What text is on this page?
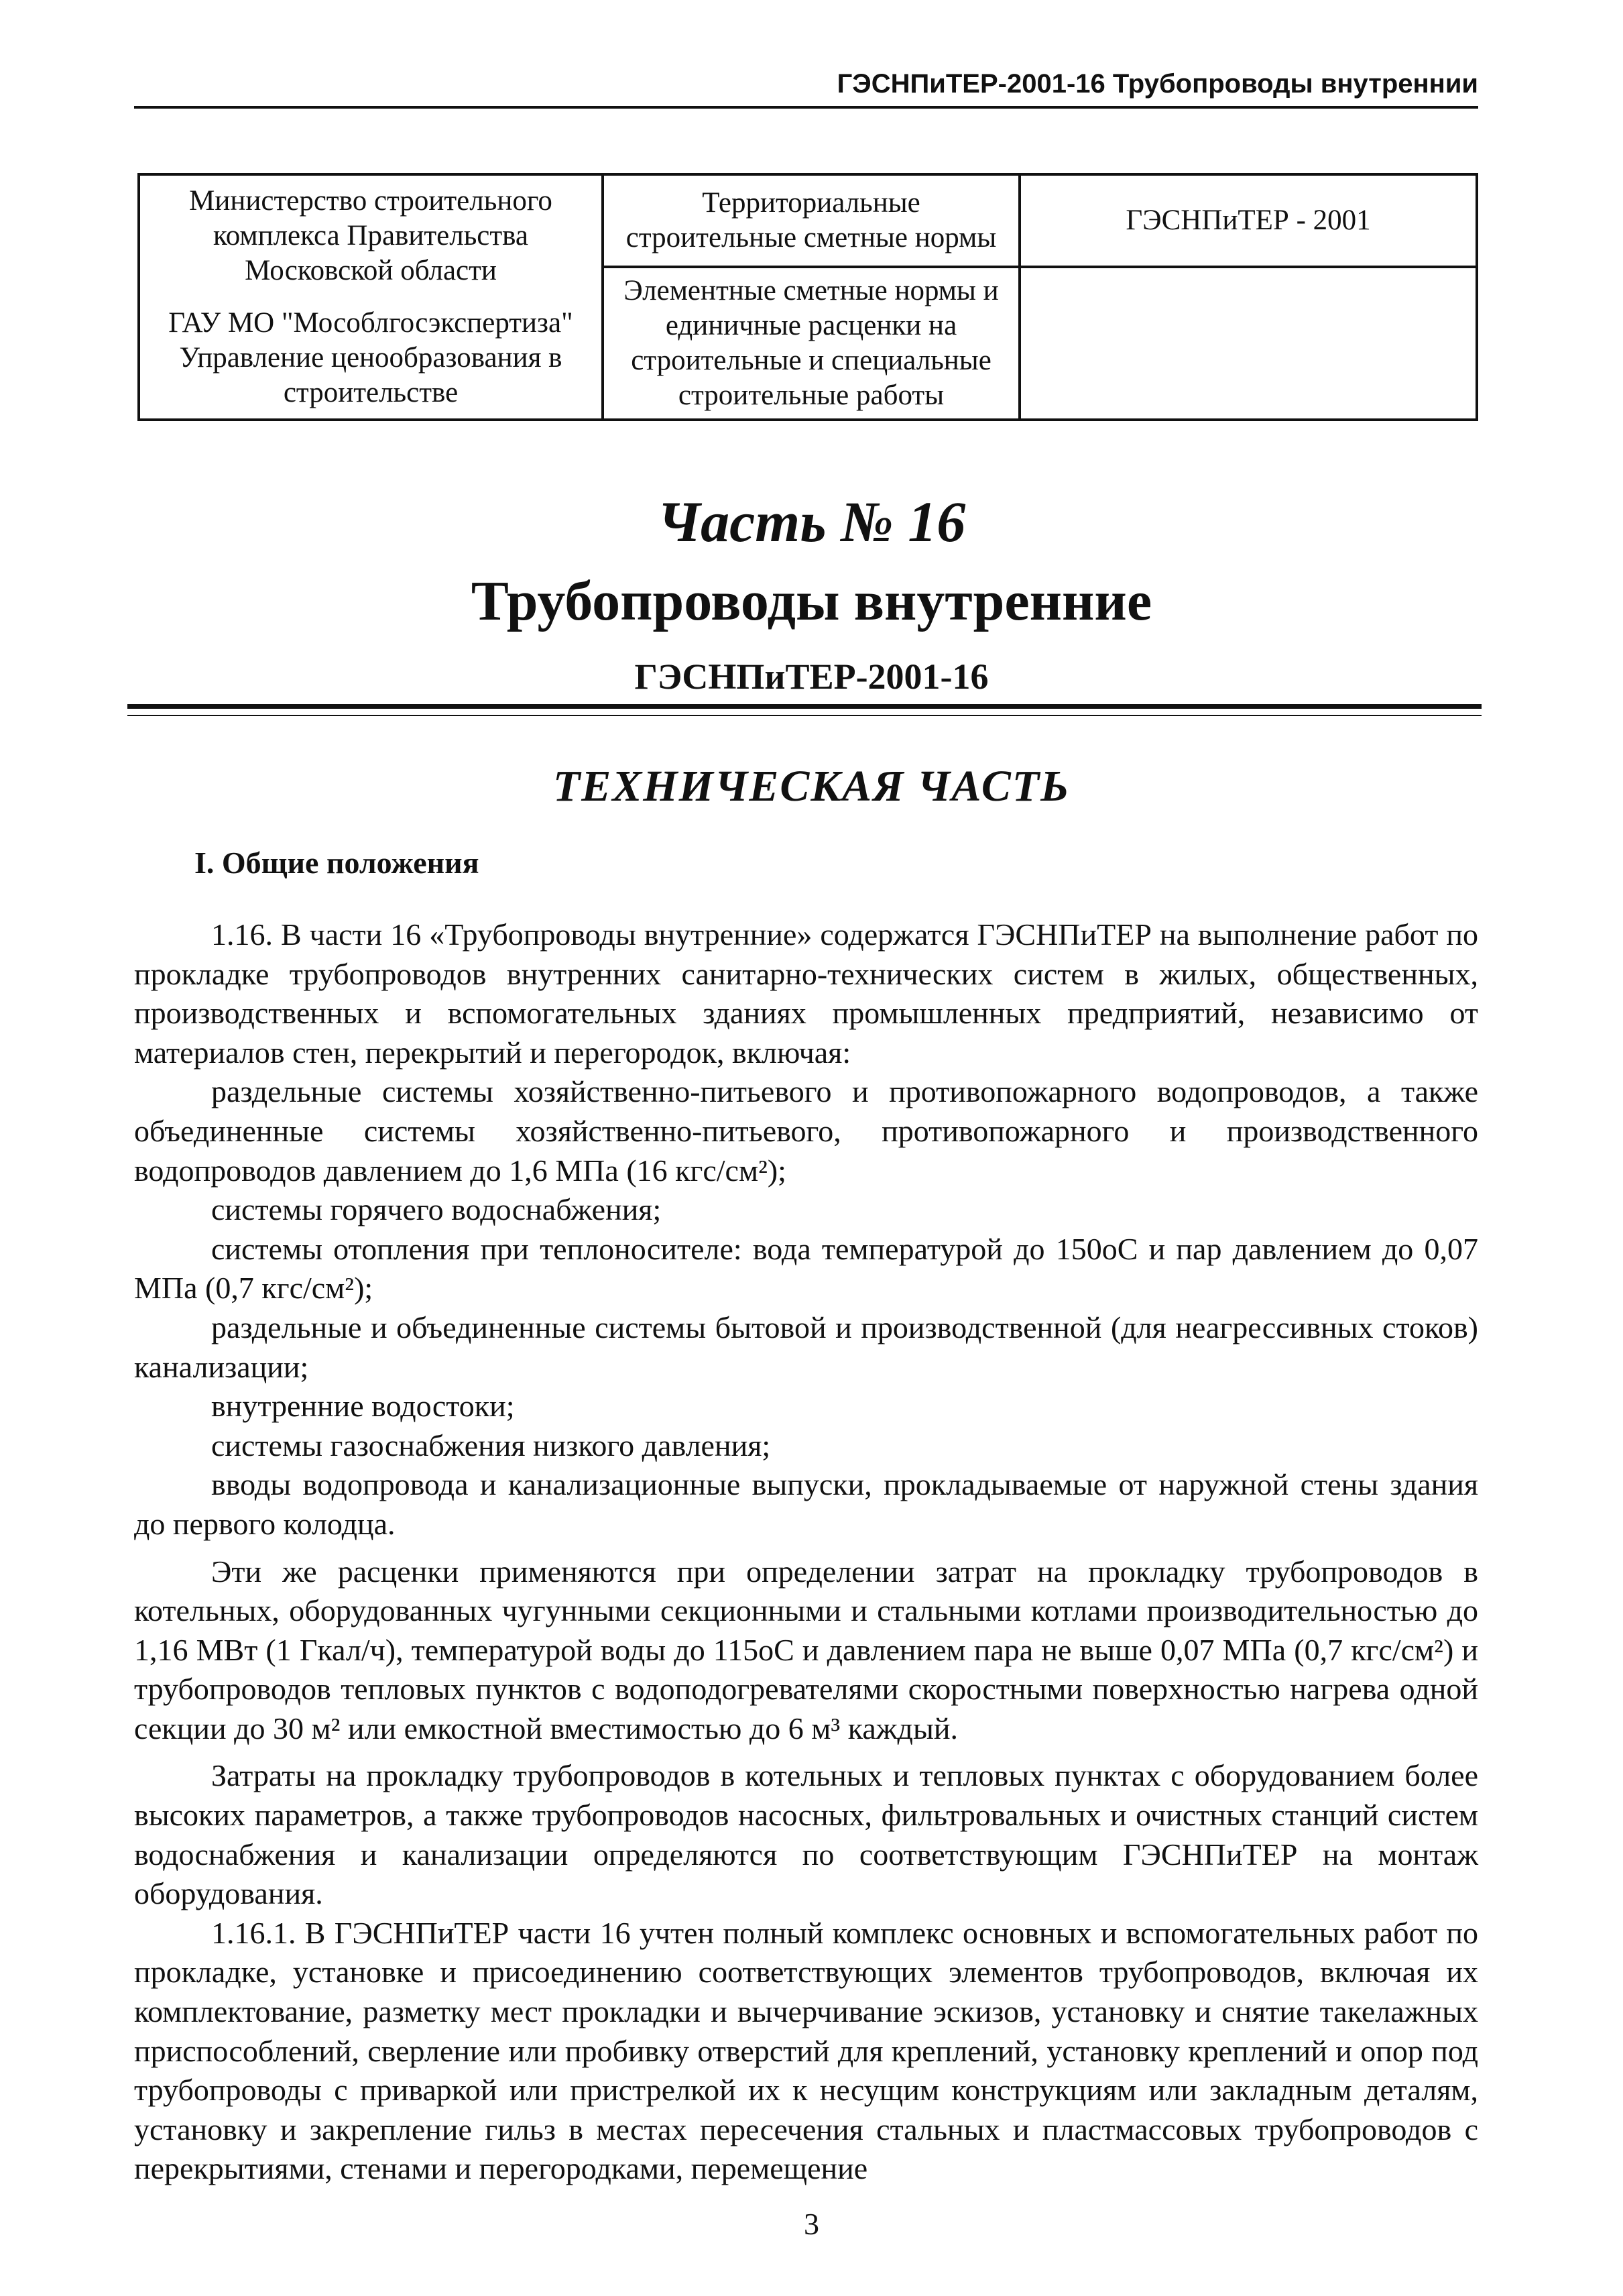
ГЭСНПиТЕР-2001-16 Трубопроводы внутреннии
Министерство строительного комплекса Правительства Московской области
ГАУ МО "Мособлгосэкспертиза" Управление ценообразования в строительстве	Территориальные строительные сметные нормы	ГЭСНПиТЕР - 2001
	Элементные сметные нормы и единичные расценки на строительные и специальные строительные работы	
Часть № 16
Трубопроводы внутренние
ГЭСНПиТЕР-2001-16
ТЕХНИЧЕСКАЯ ЧАСТЬ
I. Общие положения

1.16. В части 16 «Трубопроводы внутренние» содержатся ГЭСНПиТЕР на выполнение работ по прокладке трубопроводов внутренних санитарно-технических систем в жилых, общественных, производственных и вспомогательных зданиях промышленных предприятий, независимо от материалов стен, перекрытий и перегородок, включая:

раздельные системы хозяйственно-питьевого и противопожарного водопроводов, а также объединенные системы хозяйственно-питьевого, противопожарного и производственного водопроводов давлением до 1,6 МПа (16 кгс/см²);

системы горячего водоснабжения;

системы отопления при теплоносителе: вода температурой до 150оС и пар давлением до 0,07 МПа (0,7 кгс/см²);

раздельные и объединенные системы бытовой и производственной (для неагрессивных стоков) канализации;

внутренние водостоки;

системы газоснабжения низкого давления;

вводы водопровода и канализационные выпуски, прокладываемые от наружной стены здания до первого колодца.

Эти же расценки применяются при определении затрат на прокладку трубопроводов в котельных, оборудованных чугунными секционными и стальными котлами производительностью до 1,16 МВт (1 Гкал/ч), температурой воды до 115оС и давлением пара не выше 0,07 МПа (0,7 кгс/см²) и трубопроводов тепловых пунктов с водоподогревателями скоростными поверхностью нагрева одной секции до 30 м² или емкостной вместимостью до 6 м³ каждый.

Затраты на прокладку трубопроводов в котельных и тепловых пунктах с оборудованием более высоких параметров, а также трубопроводов насосных, фильтровальных и очистных станций систем водоснабжения и канализации определяются по соответствующим ГЭСНПиТЕР на монтаж оборудования.

1.16.1. В ГЭСНПиТЕР части 16 учтен полный комплекс основных и вспомогательных работ по прокладке, установке и присоединению соответствующих элементов трубопроводов, включая их комплектование, разметку мест прокладки и вычерчивание эскизов, установку и снятие такелажных приспособлений, сверление или пробивку отверстий для креплений, установку креплений и опор под трубопроводы с приваркой или пристрелкой их к несущим конструкциям или закладным деталям, установку и закрепление гильз в местах пересечения стальных и пластмассовых трубопроводов с перекрытиями, стенами и перегородками, перемещение

3
